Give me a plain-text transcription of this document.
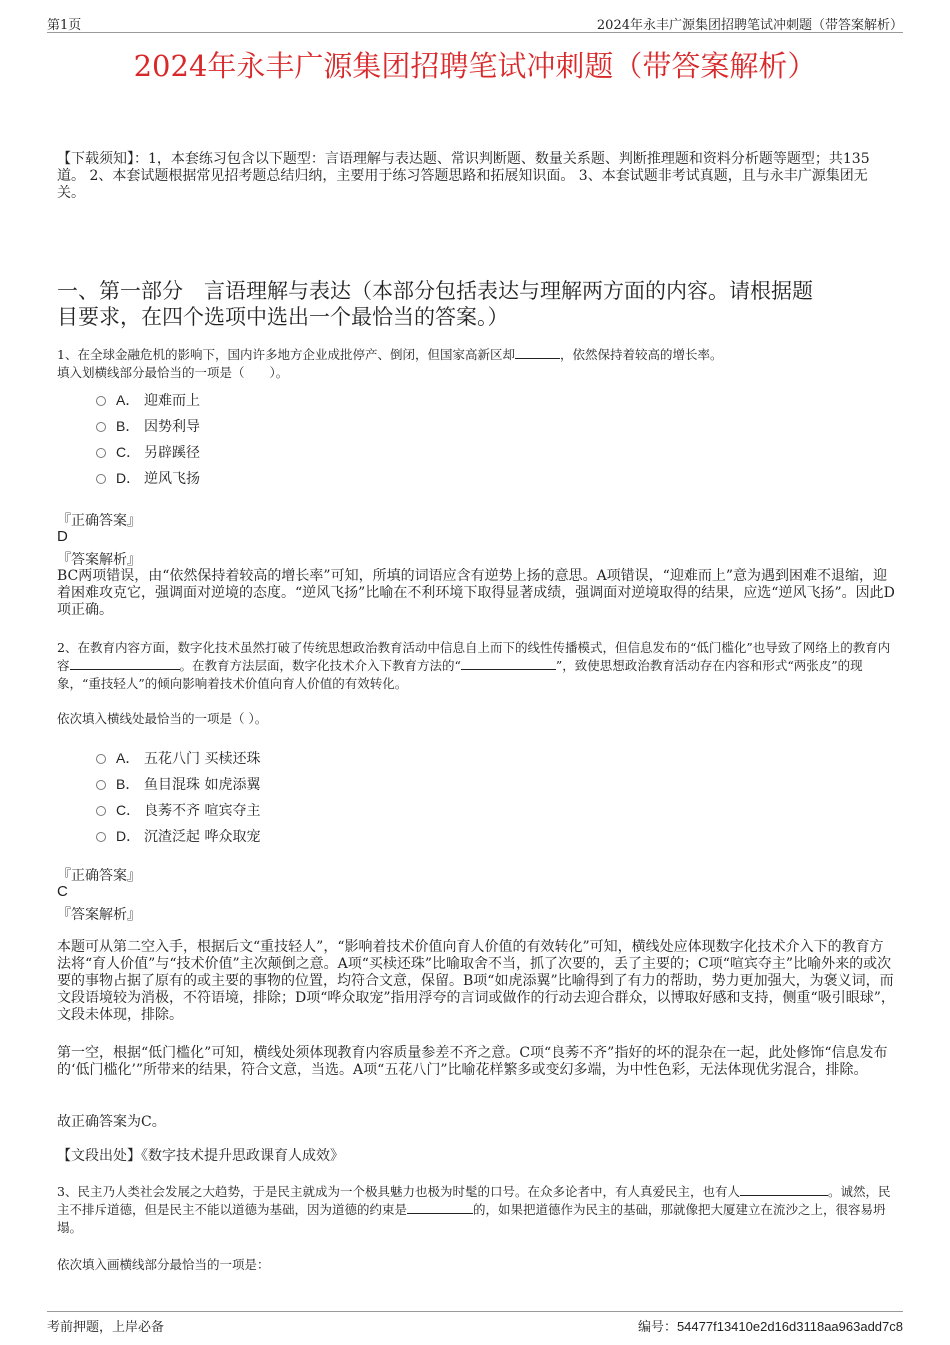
第1页	2024年永丰广源集团招聘笔试冲刺题（带答案解析）
2024年永丰广源集团招聘笔试冲刺题（带答案解析）
【下载须知】：1，本套练习包含以下题型：言语理解与表达题、常识判断题、数量关系题、判断推理题和资料分析题等题型；共135道。 2、本套试题根据常见招考题总结归纳，主要用于练习答题思路和拓展知识面。 3、本套试题非考试真题，且与永丰广源集团无关。
一、第一部分　言语理解与表达（本部分包括表达与理解两方面的内容。请根据题
目要求，在四个选项中选出一个最恰当的答案。）
1、在全球金融危机的影响下，国内许多地方企业成批停产、倒闭，但国家高新区却	，依然保持着较高的增长率。
填入划横线部分最恰当的一项是（　　）。
A． 迎难而上
B． 因势利导
C． 另辟蹊径
D． 逆风飞扬
『正确答案』
D
『答案解析』
BC两项错误，由“依然保持着较高的增长率”可知，所填的词语应含有逆势上扬的意思。A项错误，“迎难而上”意为遇到困难不退缩，迎着困难攻克它，强调面对逆境的态度。“逆风飞扬”比喻在不利环境下取得显著成绩，强调面对逆境取得的结果，应选“逆风飞扬”。因此D项正确。
2、在教育内容方面，数字化技术虽然打破了传统思想政治教育活动中信息自上而下的线性传播模式，但信息发布的“低门槛化”也导致了网络上的教育内容	。在教育方法层面，数字化技术介入下教育方法的“	”，致使思想政治教育活动存在内容和形式“两张皮”的现象，“重技轻人”的倾向影响着技术价值向育人价值的有效转化。
依次填入横线处最恰当的一项是（ ）。
A． 五花八门 买椟还珠
B． 鱼目混珠 如虎添翼
C． 良莠不齐 喧宾夺主
D． 沉渣泛起 哗众取宠
『正确答案』
C
『答案解析』
本题可从第二空入手，根据后文“重技轻人”，“影响着技术价值向育人价值的有效转化”可知，横线处应体现数字化技术介入下的教育方法将“育人价值”与“技术价值”主次颠倒之意。A项“买椟还珠”比喻取舍不当，抓了次要的，丢了主要的；C项“喧宾夺主”比喻外来的或次要的事物占据了原有的或主要的事物的位置，均符合文意，保留。B项“如虎添翼”比喻得到了有力的帮助，势力更加强大，为褒义词，而文段语境较为消极，不符语境，排除；D项“哗众取宠”指用浮夸的言词或做作的行动去迎合群众，以博取好感和支持，侧重“吸引眼球”，文段未体现，排除。
第一空，根据“低门槛化”可知，横线处须体现教育内容质量参差不齐之意。C项“良莠不齐”指好的坏的混杂在一起，此处修饰“信息发布的‘低门槛化’”所带来的结果，符合文意，当选。A项“五花八门”比喻花样繁多或变幻多端，为中性色彩，无法体现优劣混合，排除。
故正确答案为C。
【文段出处】《数字技术提升思政课育人成效》
3、民主乃人类社会发展之大趋势，于是民主就成为一个极具魅力也极为时髦的口号。在众多论者中，有人真爱民主，也有人	。诚然，民主不排斥道德，但是民主不能以道德为基础，因为道德的约束是	的，如果把道德作为民主的基础，那就像把大厦建立在流沙之上，很容易坍塌。
依次填入画横线部分最恰当的一项是：
考前押题，上岸必备	编号：54477f13410e2d16d3118aa963add7c8
